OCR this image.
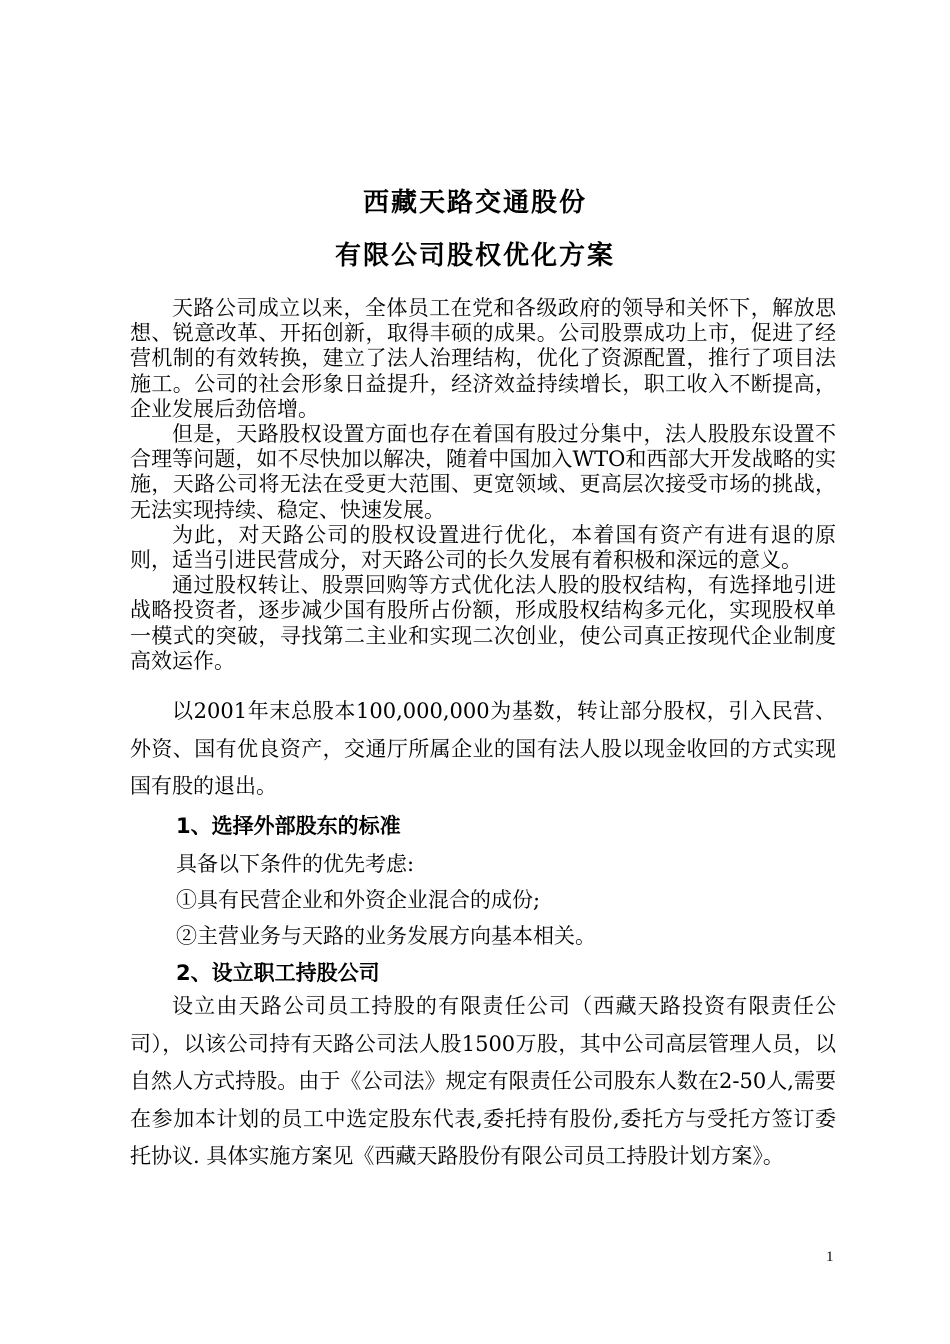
西藏天路交通股份
有限公司股权优化方案

天路公司成立以来，全体员工在党和各级政府的领导和关怀下，解放思想、锐意改革、开拓创新，取得丰硕的成果。公司股票成功上市，促进了经营机制的有效转换，建立了法人治理结构，优化了资源配置，推行了项目法施工。公司的社会形象日益提升，经济效益持续增长，职工收入不断提高，企业发展后劲倍增。

但是，天路股权设置方面也存在着国有股过分集中，法人股股东设置不合理等问题，如不尽快加以解决，随着中国加入WTO和西部大开发战略的实施，天路公司将无法在受更大范围、更宽领域、更高层次接受市场的挑战，无法实现持续、稳定、快速发展。

为此，对天路公司的股权设置进行优化，本着国有资产有进有退的原则，适当引进民营成分，对天路公司的长久发展有着积极和深远的意义。

通过股权转让、股票回购等方式优化法人股的股权结构，有选择地引进战略投资者，逐步减少国有股所占份额，形成股权结构多元化，实现股权单一模式的突破，寻找第二主业和实现二次创业，使公司真正按现代企业制度高效运作。

以2001年末总股本100,000,000为基数，转让部分股权，引入民营、外资、国有优良资产，交通厅所属企业的国有法人股以现金收回的方式实现国有股的退出。

1、选择外部股东的标准
具备以下条件的优先考虑:
①具有民营企业和外资企业混合的成份;
②主营业务与天路的业务发展方向基本相关。
2、设立职工持股公司

设立由天路公司员工持股的有限责任公司（西藏天路投资有限责任公司），以该公司持有天路公司法人股1500万股，其中公司高层管理人员，以自然人方式持股。由于《公司法》规定有限责任公司股东人数在2-50人,需要在参加本计划的员工中选定股东代表,委托持有股份,委托方与受托方签订委托协议. 具体实施方案见《西藏天路股份有限公司员工持股计划方案》。

1
